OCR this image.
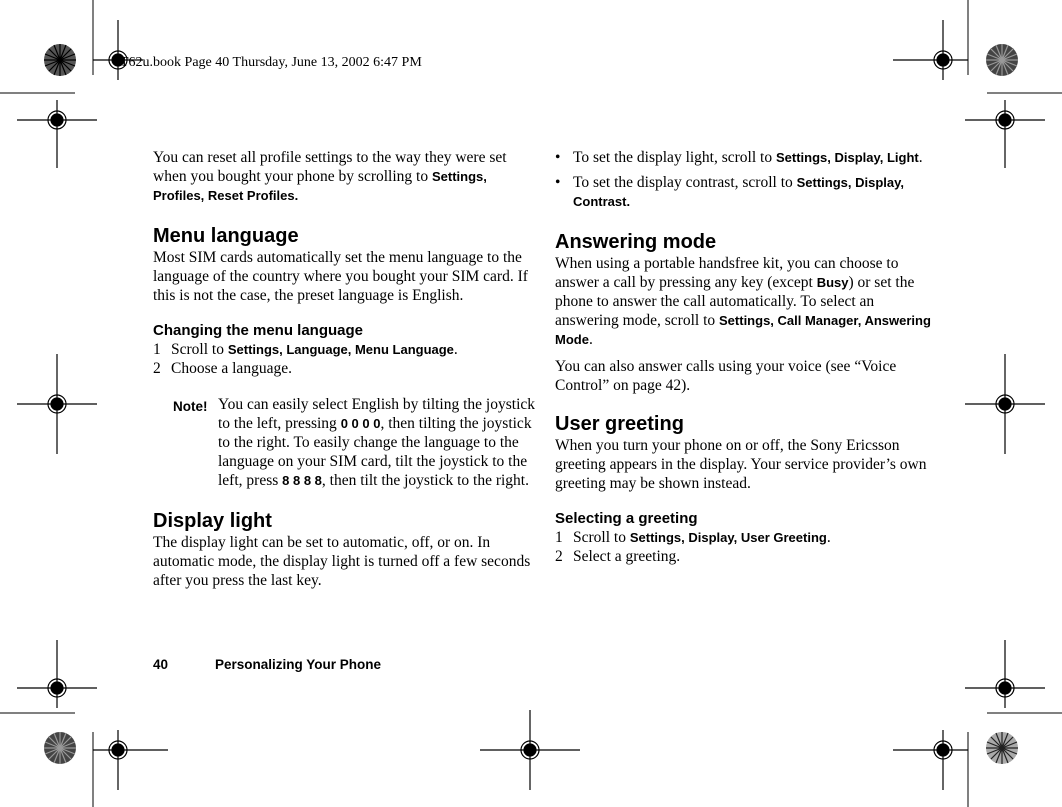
T62u.book Page 40 Thursday, June 13, 2002 6:47 PM

You can reset all profile settings to the way they were set when you bought your phone by scrolling to Settings, Profiles, Reset Profiles.

Menu language

Most SIM cards automatically set the menu language to the language of the country where you bought your SIM card. If this is not the case, the preset language is English.

Changing the menu language
1 Scroll to Settings, Language, Menu Language.
2 Choose a language.
Note! You can easily select English by tilting the joystick to the left, pressing 0 0 0 0, then tilting the joystick to the right. To easily change the language to the language on your SIM card, tilt the joystick to the left, press 8 8 8 8, then tilt the joystick to the right.
Display light

The display light can be set to automatic, off, or on. In automatic mode, the display light is turned off a few seconds after you press the last key.

• To set the display light, scroll to Settings, Display, Light.
• To set the display contrast, scroll to Settings, Display, Contrast.
Answering mode

When using a portable handsfree kit, you can choose to answer a call by pressing any key (except Busy) or set the phone to answer the call automatically. To select an answering mode, scroll to Settings, Call Manager, Answering Mode.

You can also answer calls using your voice (see “Voice Control” on page 42).

User greeting

When you turn your phone on or off, the Sony Ericsson greeting appears in the display. Your service provider’s own greeting may be shown instead.

Selecting a greeting
1 Scroll to Settings, Display, User Greeting.
2 Select a greeting.
40	Personalizing Your Phone
